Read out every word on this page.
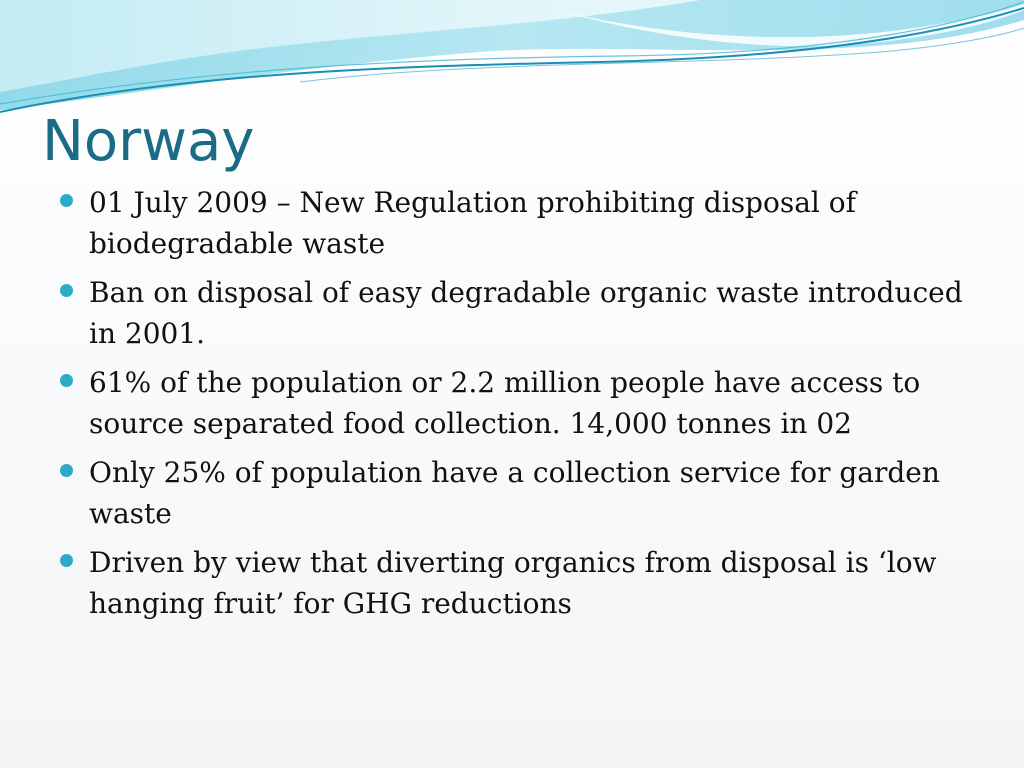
Norway
01 July 2009 – New Regulation prohibiting disposal of biodegradable waste
Ban on disposal of easy degradable organic waste introduced in 2001.
61% of the population or 2.2 million people have access to source separated food collection. 14,000 tonnes in 02
Only 25% of population have a collection service for garden waste
Driven by view that diverting organics from disposal is ‘low hanging fruit’ for GHG reductions
